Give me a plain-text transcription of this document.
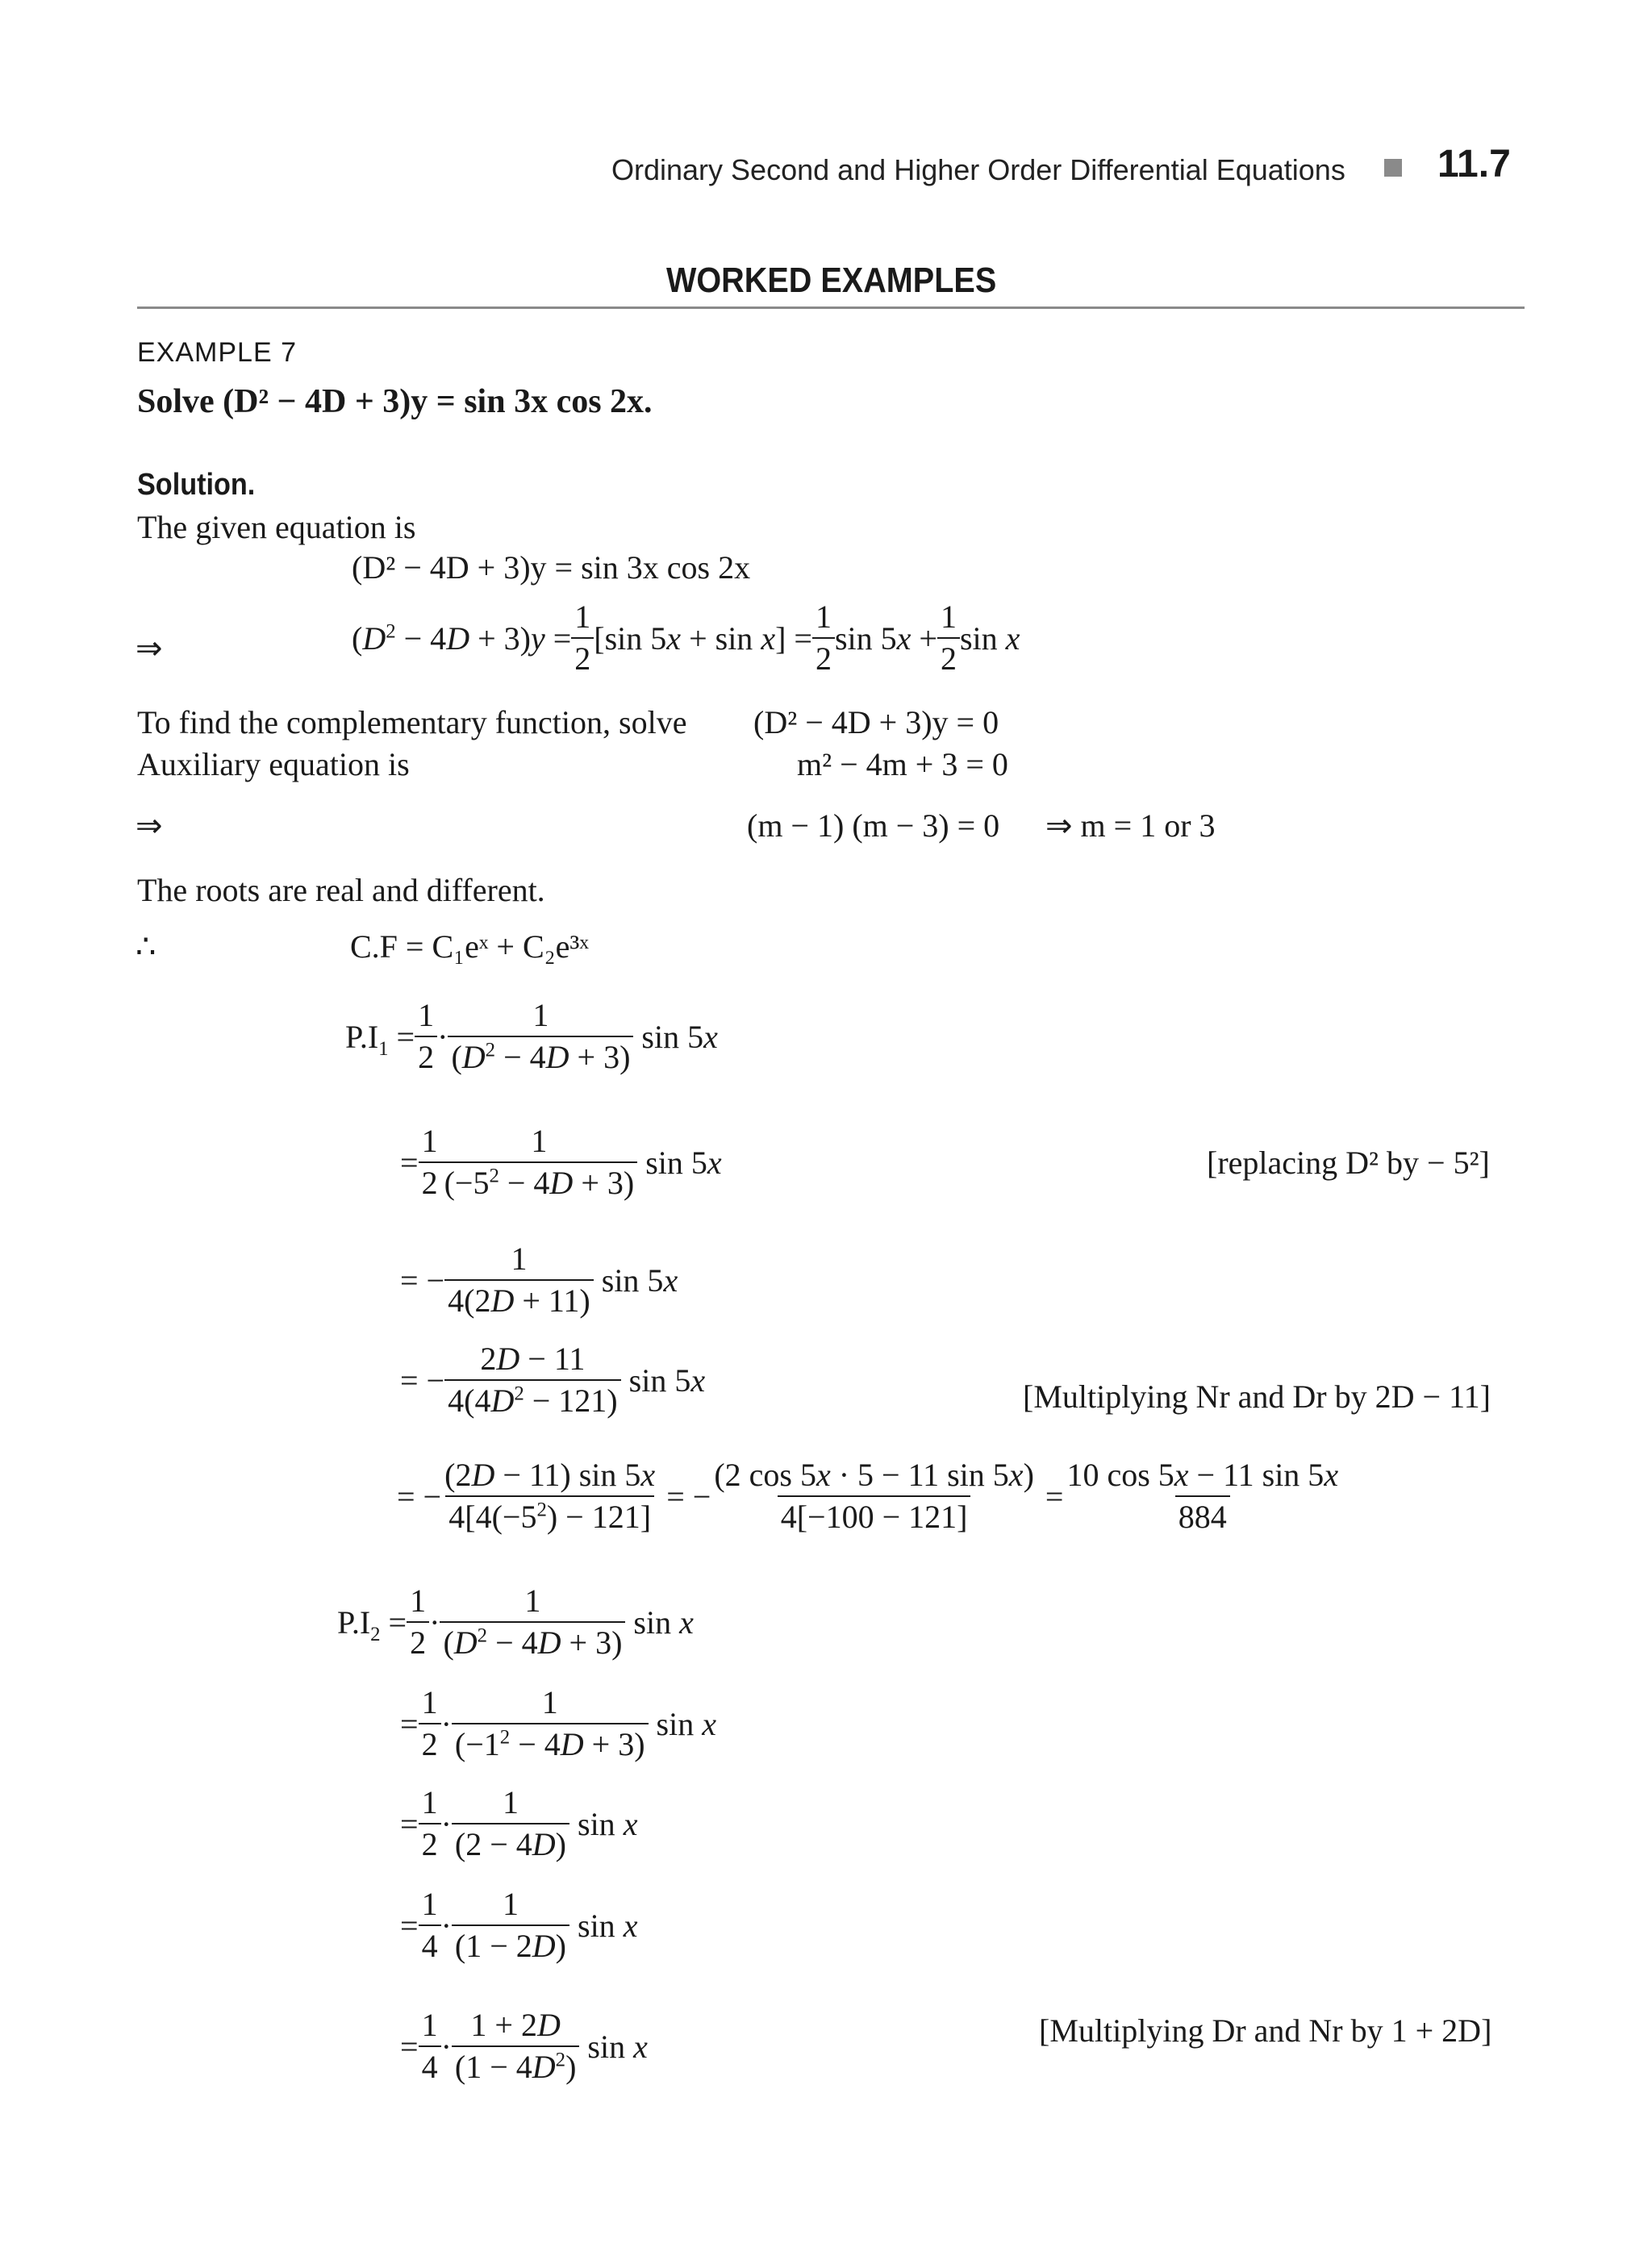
Ordinary Second and Higher Order Differential Equations 11.7
WORKED EXAMPLES
EXAMPLE 7
Solve (D² − 4D + 3)y = sin 3x cos 2x.
Solution.
The given equation is
(D² − 4D + 3)y = sin 3x cos 2x
⇒	$(D^2 - 4D + 3)y = \frac{1}{2} [\sin$ $5x + \sin x] = \frac{1}{2}$ $\sin 5x + \frac{1}{2}$ sin x
To find the complementary function, solve (D² − 4D + 3)y = 0
Auxiliary equation is	m² − 4m + 3 = 0
⇒	(m − 1) (m − 3) = 0 ⇒ m = 1 or 3
The roots are real and different.
∴	C.F = C₁eˣ + C₂e³ˣ
$P.I_1 = \frac{1}{2} \cdot \frac{1}{(D^2 - 4D + 3)}$ sin 5x
= $\frac{1}{2} \frac{1}{(-5^2 - 4D + 3)}$ sin 5x	[replacing D² by − 5²]
= − $\frac{1}{4(2D + 11)}$ sin 5x
= − $\frac{2D - 11}{4(4D^2 - 121)}$ sin 5x	[Multiplying Nr and Dr by 2D − 11]
= − $\frac{(2D - 11) \sin 5x}{4[4(-5^2) - 121]}$ = − $\frac{(2 \cos 5x \cdot 5 - 11 \sin 5x)}{4[-100 - 121]} = \frac{10 \cos 5x - 11 \sin 5x}{884}$
$P.I_2 = \frac{1}{2} \cdot \frac{1}{(D^2 - 4D + 3)}$ sin x
= $\frac{1}{2} \cdot \frac{1}{(-1^2 - 4D + 3)}$ sin x
= $\frac{1}{2} \cdot \frac{1}{(2 - 4D)}$ sin x
= $\frac{1}{4} \cdot \frac{1}{(1 - 2D)}$ sin x
= $\frac{1}{4} \cdot \frac{1 + 2D}{(1 - 4D^2)}$ sin x	[Multiplying Dr and Nr by 1 + 2D]
